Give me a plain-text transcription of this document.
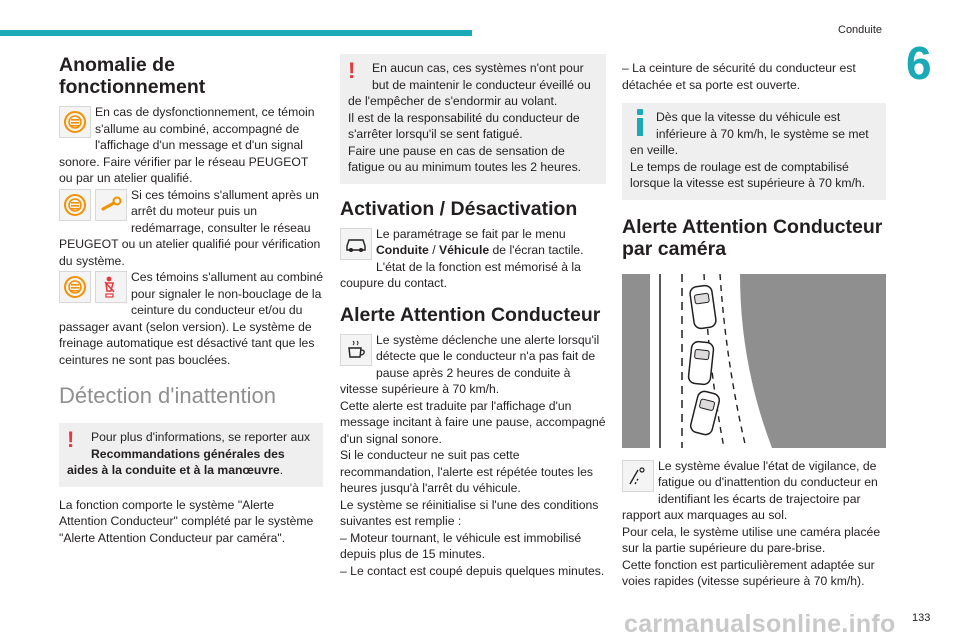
Conduite
6
Anomalie de
fonctionnement

En cas de dysfonctionnement, ce témoin s'allume au combiné, accompagné de l'affichage d'un message et d'un signal sonore. Faire vérifier par le réseau PEUGEOT ou par un atelier qualifié.

Si ces témoins s'allument après un arrêt du moteur puis un redémarrage, consulter le réseau PEUGEOT ou un atelier qualifié pour vérification du système.

Ces témoins s'allument au combiné pour signaler le non-bouclage de la ceinture du conducteur et/ou du passager avant (selon version). Le système de freinage automatique est désactivé tant que les ceintures ne sont pas bouclées.

Détection d'inattention
!	Pour plus d'informations, se reporter aux Recommandations générales des aides à la conduite et à la manœuvre.

La fonction comporte le système "Alerte Attention Conducteur" complété par le système "Alerte Attention Conducteur par caméra".

!	En aucun cas, ces systèmes n'ont pour but de maintenir le conducteur éveillé ou de l'empêcher de s'endormir au volant.

Il est de la responsabilité du conducteur de s'arrêter lorsqu'il se sent fatigué.

Faire une pause en cas de sensation de fatigue ou au minimum toutes les 2 heures.

Activation / Désactivation

Le paramétrage se fait par le menu Conduite / Véhicule de l'écran tactile.

L'état de la fonction est mémorisé à la coupure du contact.

Alerte Attention Conducteur

Le système déclenche une alerte lorsqu'il détecte que le conducteur n'a pas fait de pause après 2 heures de conduite à vitesse supérieure à 70 km/h.

Cette alerte est traduite par l'affichage d'un message incitant à faire une pause, accompagné d'un signal sonore.

Si le conducteur ne suit pas cette recommandation, l'alerte est répétée toutes les heures jusqu'à l'arrêt du véhicule.

Le système se réinitialise si l'une des conditions suivantes est remplie :

– Moteur tournant, le véhicule est immobilisé depuis plus de 15 minutes.

– Le contact est coupé depuis quelques minutes.

– La ceinture de sécurité du conducteur est détachée et sa porte est ouverte.

Dès que la vitesse du véhicule est inférieure à 70 km/h, le système se met en veille.

Le temps de roulage est de comptabilisé lorsque la vitesse est supérieure à 70 km/h.

Alerte Attention Conducteur
par caméra

Le système évalue l'état de vigilance, de fatigue ou d'inattention du conducteur en identifiant les écarts de trajectoire par rapport aux marquages au sol.

Pour cela, le système utilise une caméra placée sur la partie supérieure du pare-brise.

Cette fonction est particulièrement adaptée sur voies rapides (vitesse supérieure à 70 km/h).

carmanualsonline.info 133
